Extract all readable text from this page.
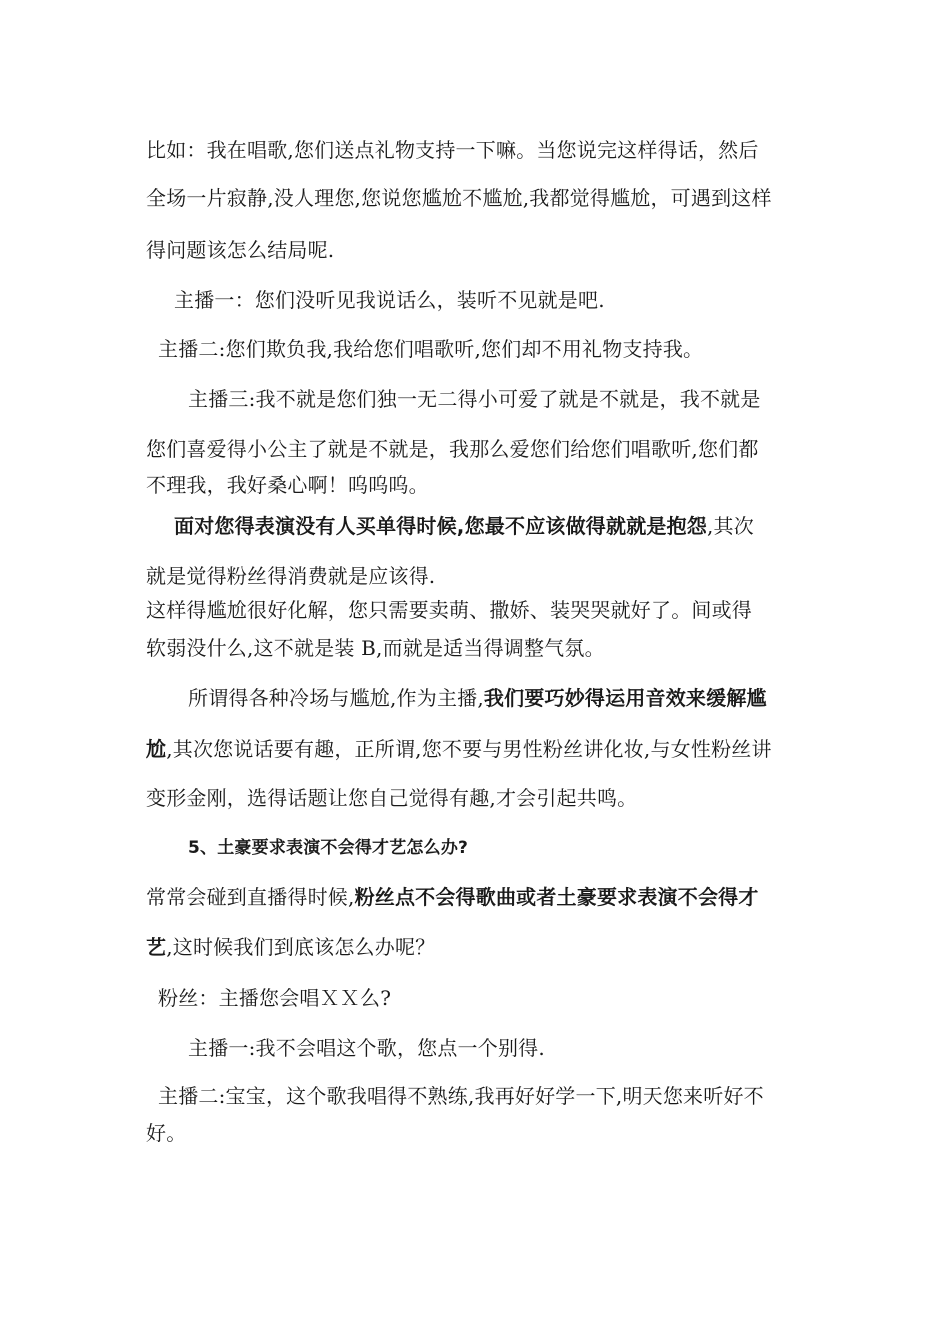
比如：我在唱歌,您们送点礼物支持一下嘛。当您说完这样得话，然后
全场一片寂静,没人理您,您说您尴尬不尴尬,我都觉得尴尬，可遇到这样
得问题该怎么结局呢.
主播一：您们没听见我说话么，装听不见就是吧.
主播二:您们欺负我,我给您们唱歌听,您们却不用礼物支持我。
主播三:我不就是您们独一无二得小可爱了就是不就是，我不就是
您们喜爱得小公主了就是不就是，我那么爱您们给您们唱歌听,您们都
不理我，我好桑心啊！呜呜呜。
面对您得表演没有人买单得时候,您最不应该做得就就是抱怨,其次
就是觉得粉丝得消费就是应该得.
这样得尴尬很好化解，您只需要卖萌、撒娇、装哭哭就好了。间或得
软弱没什么,这不就是装 B,而就是适当得调整气氛。
所谓得各种冷场与尴尬,作为主播,我们要巧妙得运用音效来缓解尴
尬,其次您说话要有趣，正所谓,您不要与男性粉丝讲化妆,与女性粉丝讲
变形金刚，选得话题让您自己觉得有趣,才会引起共鸣。
5、土豪要求表演不会得才艺怎么办?
常常会碰到直播得时候,粉丝点不会得歌曲或者土豪要求表演不会得才
艺,这时候我们到底该怎么办呢？
粉丝：主播您会唱ＸＸ么?
主播一:我不会唱这个歌，您点一个别得.
主播二:宝宝，这个歌我唱得不熟练,我再好好学一下,明天您来听好不
好。
